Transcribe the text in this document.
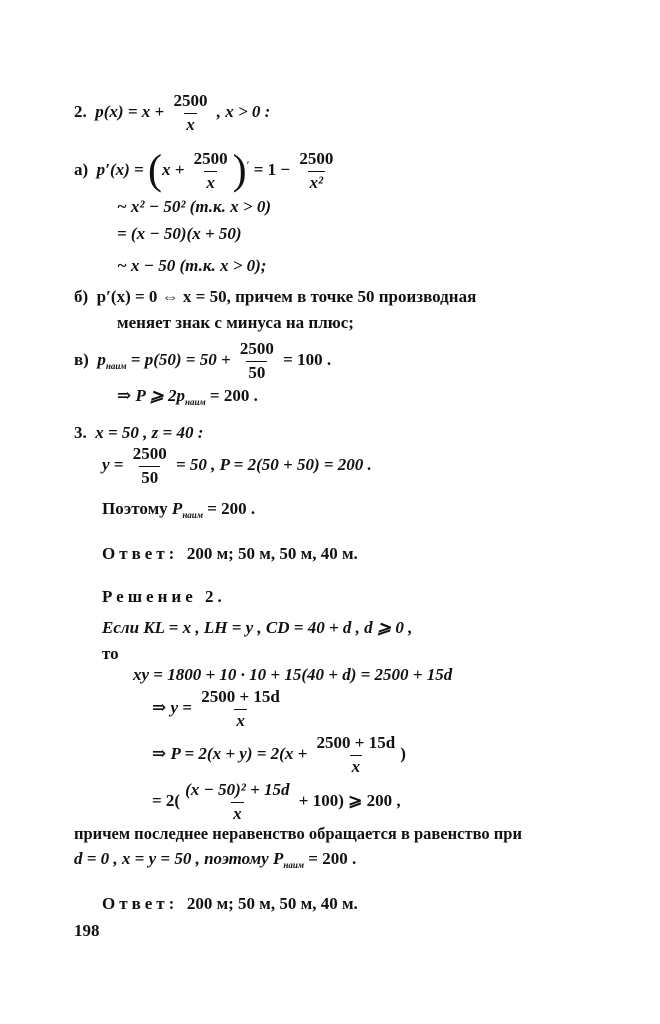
2. $p(x) = x + \frac{2500}{x}$ , x > 0 :
а) $p'(x) = (x + \frac{2500}{x} )' = 1 - \frac{2500}{\text{x²}}$
~ x² − 50² (т.к. x > 0)
= (x − 50)(x + 50)
~ x − 50 (т.к. x > 0);
б) p′(x) = 0 ⇔ x = 50, причем в точке 50 производная
меняет знак с минуса на плюс;
в) $p_{наим} = p(50) = 50 + \frac{2500}{50} = 100$ .
⇒ P ⩾ $2p_{наим} = 200$ .
3. x = 50 , z = 40 :
$y = \frac{2500}{50} = 50$ , P = 2(50 + 50) = 200 .
Поэтому $P_{наим} = 200$ .
Ответ: 200 м; 50 м, 50 м, 40 м.
Решение 2.
Если KL = x , LH = y , CD = 40 + d , d ⩾ 0 ,
то
xy = 1800 + 10 · 10 + 15(40 + d) = 2500 + 15d
⇒ $y = \frac{2500 + 15d}{x}$
⇒ $P = 2(x + y) = 2(x + \frac{2500 + 15d}{x}$ )
= $2( \frac{\text{(x − 50)² + 15d}}{x} + 100)$ ⩾ 200 ,
причем последнее неравенство обращается в равенство при
d = 0 , x = y = 50 , поэтому $P_{наим} = 200$ .
Ответ: 200 м; 50 м, 50 м, 40 м.
198
